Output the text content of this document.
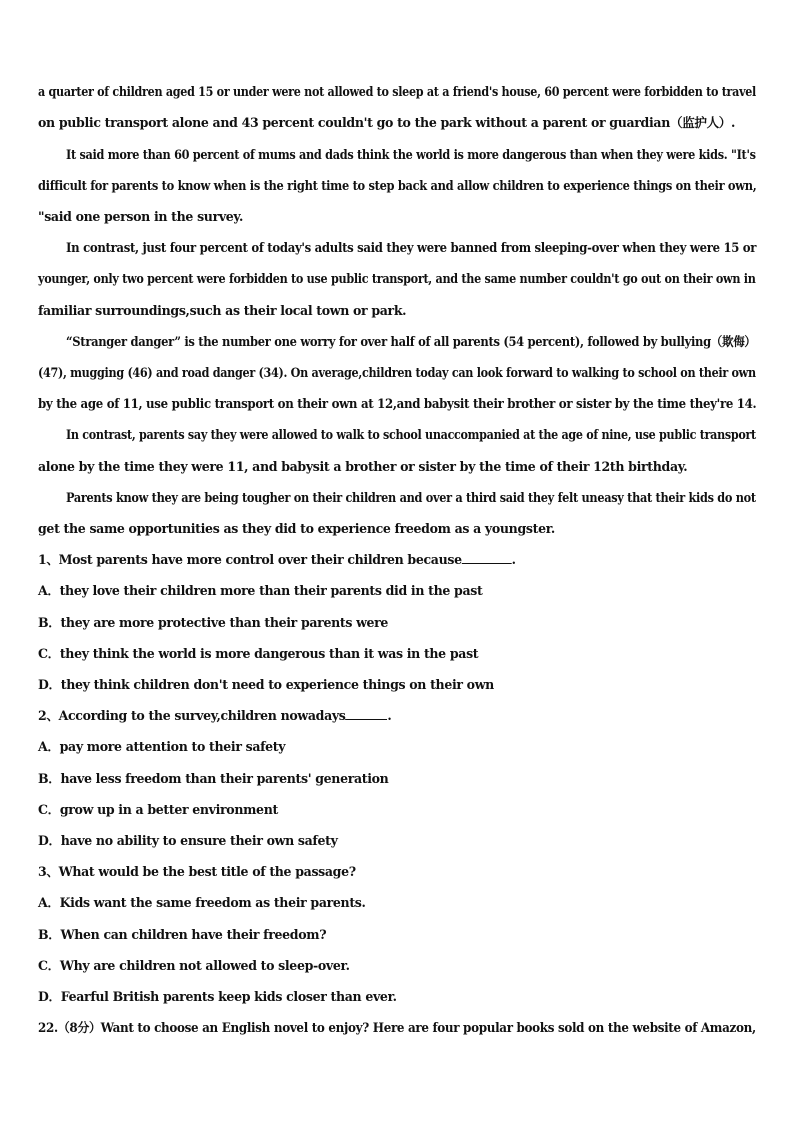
a quarter of children aged 15 or under were not allowed to sleep at a friend's house, 60 percent were forbidden to travel
on public transport alone and 43 percent couldn't go to the park without a parent or guardian（监护人）.
It said more than 60 percent of mums and dads think the world is more dangerous than when they were kids. "It's
difficult for parents to know when is the right time to step back and allow children to experience things on their own,
"said one person in the survey.
In contrast, just four percent of today's adults said they were banned from sleeping-over when they were 15 or
younger, only two percent were forbidden to use public transport, and the same number couldn't go out on their own in
familiar surroundings,such as their local town or park.
“Stranger danger” is the number one worry for over half of all parents (54 percent), followed by bullying（欺侮）
(47), mugging (46) and road danger (34). On average,children today can look forward to walking to school on their own
by the age of 11, use public transport on their own at 12,and babysit their brother or sister by the time they're 14.
In contrast, parents say they were allowed to walk to school unaccompanied at the age of nine, use public transport
alone by the time they were 11, and babysit a brother or sister by the time of their 12th birthday.
Parents know they are being tougher on their children and over a third said they felt uneasy that their kids do not
get the same opportunities as they did to experience freedom as a youngster.
1、Most parents have more control over their children because	.
A．they love their children more than their parents did in the past
B．they are more protective than their parents were
C．they think the world is more dangerous than it was in the past
D．they think children don't need to experience things on their own
2、According to the survey,children nowadays	.
A．pay more attention to their safety
B．have less freedom than their parents' generation
C．grow up in a better environment
D．have no ability to ensure their own safety
3、What would be the best title of the passage?
A．Kids want the same freedom as their parents.
B．When can children have their freedom?
C．Why are children not allowed to sleep-over.
D．Fearful British parents keep kids closer than ever.
22.（8分）Want to choose an English novel to enjoy? Here are four popular books sold on the website of Amazon,
